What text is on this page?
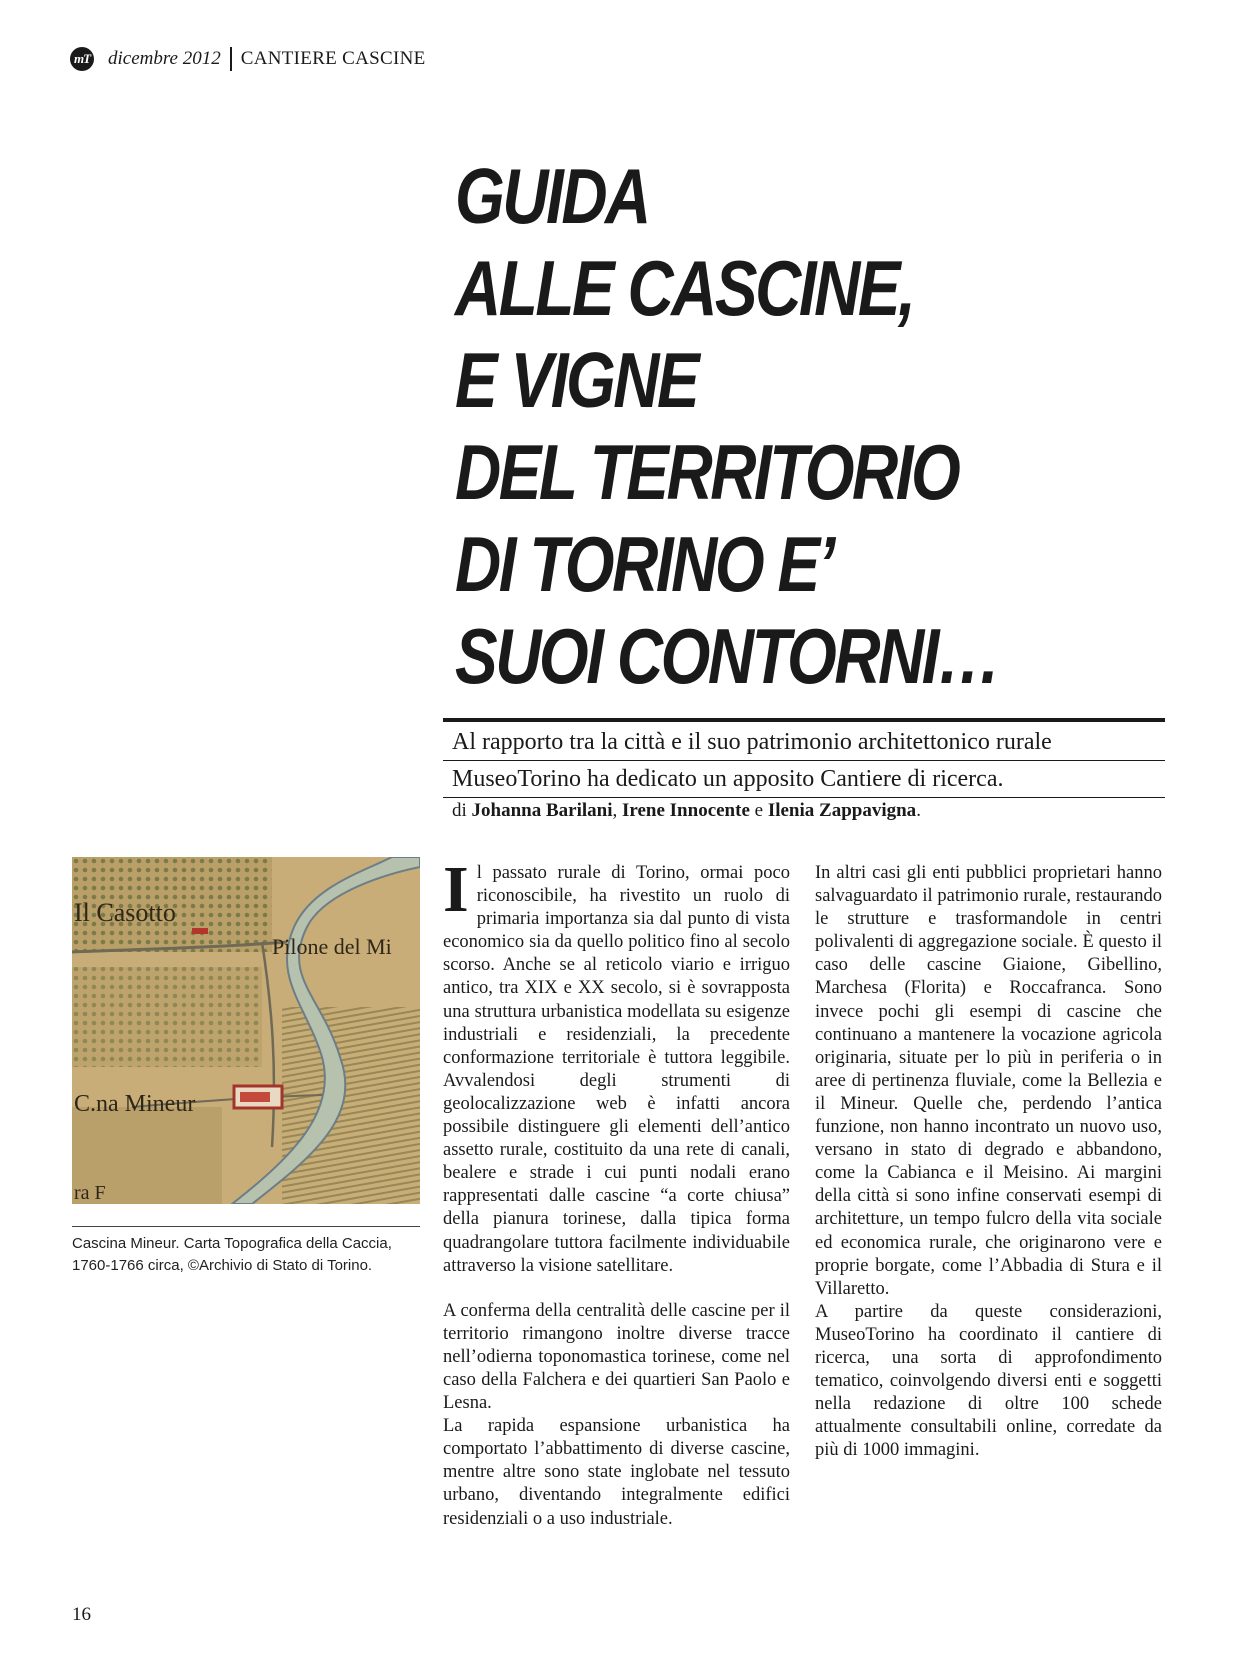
mT dicembre 2012 CANTIERE CASCINE
GUIDA
ALLE CASCINE,
E VIGNE
DEL TERRITORIO
DI TORINO E’
SUOI CONTORNI…
Al rapporto tra la città e il suo patrimonio architettonico rurale
MuseoTorino ha dedicato un apposito Cantiere di ricerca.
di Johanna Barilani, Irene Innocente e Ilenia Zappavigna.
Il Casotto
Pilone del Mi
C.na Mineur
ra F
Cascina Mineur. Carta Topografica della Caccia, 1760-1766 circa, ©Archivio di Stato di Torino.

Il passato rurale di Torino, ormai poco riconoscibile, ha rivestito un ruolo di primaria importanza sia dal punto di vista economico sia da quello politico fino al secolo scorso. Anche se al reticolo viario e irriguo antico, tra XIX e XX secolo, si è sovrapposta una struttura urbanistica modellata su esigenze industriali e residenziali, la precedente conformazione territoriale è tuttora leggibile. Avvalendosi degli strumenti di geolocalizzazione web è infatti ancora possibile distinguere gli elementi dell’antico assetto rurale, costituito da una rete di canali, bealere e strade i cui punti nodali erano rappresentati dalle cascine “a corte chiusa” della pianura torinese, dalla tipica forma quadrangolare tuttora facilmente individuabile attraverso la visione satellitare.

A conferma della centralità delle cascine per il territorio rimangono inoltre diverse tracce nell’odierna toponomastica torinese, come nel caso della Falchera e dei quartieri San Paolo e Lesna.

La rapida espansione urbanistica ha comportato l’abbattimento di diverse cascine, mentre altre sono state inglobate nel tessuto urbano, diventando integralmente edifici residenziali o a uso industriale.

In altri casi gli enti pubblici proprietari hanno salvaguardato il patrimonio rurale, restaurando le strutture e trasformandole in centri polivalenti di aggregazione sociale. È questo il caso delle cascine Giaione, Gibellino, Marchesa (Florita) e Roccafranca. Sono invece pochi gli esempi di cascine che continuano a mantenere la vocazione agricola originaria, situate per lo più in periferia o in aree di pertinenza fluviale, come la Bellezia e il Mineur. Quelle che, perdendo l’antica funzione, non hanno incontrato un nuovo uso, versano in stato di degrado e abbandono, come la Cabianca e il Meisino. Ai margini della città si sono infine conservati esempi di architetture, un tempo fulcro della vita sociale ed economica rurale, che originarono vere e proprie borgate, come l’Abbadia di Stura e il Villaretto.

A partire da queste considerazioni, MuseoTorino ha coordinato il cantiere di ricerca, una sorta di approfondimento tematico, coinvolgendo diversi enti e soggetti nella redazione di oltre 100 schede attualmente consultabili online, corredate da più di 1000 immagini.

16
